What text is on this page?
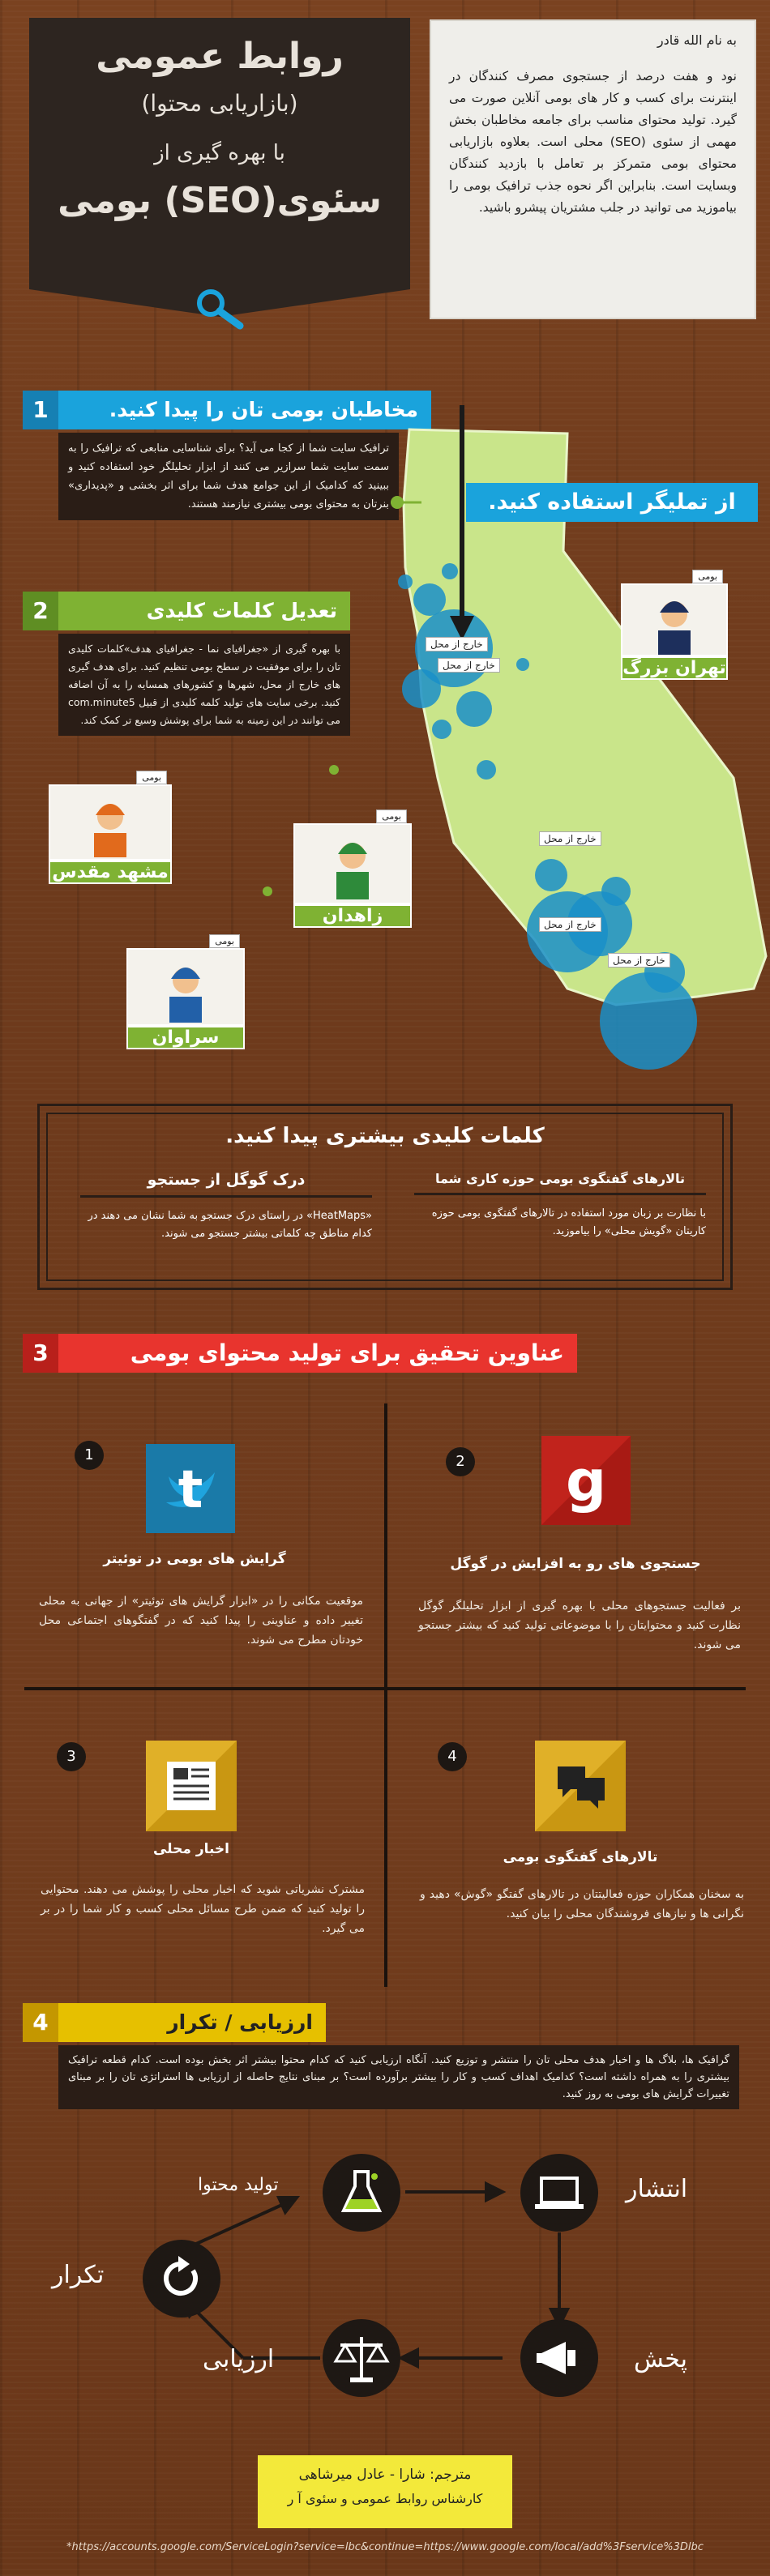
روابط عمومی
(بازاریابی محتوا)
با بهره گیری از
سئوی(SEO) بومی
به نام الله قادر

نود و هفت درصد از جستجوی مصرف کنندگان در اینترنت برای کسب و کار های بومی آنلاین صورت می گیرد. تولید محتوای مناسب برای جامعه مخاطبان بخش مهمی از سئوی (SEO) محلی است. بعلاوه بازاریابی محتوای بومی متمرکز بر تعامل با بازدید کنندگان وبسایت است. بنابراین اگر نحوه جذب ترافیک بومی را بیاموزید می توانید در جلب مشتریان پیشرو باشید.

1	مخاطبان بومی تان را پیدا کنید.
ترافیک سایت شما از کجا می آید؟ برای شناسایی منابعی که ترافیک را به سمت سایت شما سرازیر می کنند از ابزار تحلیلگر خود استفاده کنید و ببینید که کدامیک از این جوامع هدف شما برای اثر بخشی و «پدیداری» بنرتان به محتوای بومی بیشتری نیازمند هستند.	از تملیگر استفاده کنید.
2	تعدیل کلمات کلیدی
با بهره گیری از «جغرافیای نما - جغرافیای هدف»کلمات کلیدی تان را برای موفقیت در سطح بومی تنظیم کنید. برای هدف گیری های خارج از محل، شهرها و کشورهای همسایه را به آن اضافه کنید. برخی سایت های تولید کلمه کلیدی از قبیل com.minute5 می توانند در این زمینه به شما برای پوشش وسیع تر کمک کند.
خارج از محل
خارج از محل
خارج از محل
خارج از محل
خارج از محل
بومی
تهران بزرگ
بومی
مشهد مقدس
بومی
زاهدان
بومی
سراوان
کلمات کلیدی بیشتری پیدا کنید.
تالارهای گفتگوی بومی حوزه کاری شما
با نظارت بر زبان مورد استفاده در تالارهای گفتگوی بومی حوزه کاریتان «گویش محلی» را بیاموزید.
درک گوگل از جستجو
«HeatMaps» در راستای درک جستجو به شما نشان می دهند در کدام مناطق چه کلماتی بیشتر جستجو می شوند.
3	عناوین تحقیق برای تولید محتوای بومی
1
t
گرایش های بومی در توئیتر
موقعیت مکانی را در «ابزار گرایش های توئیتر» از جهانی به محلی تغییر داده و عناوینی را پیدا کنید که در گفتگوهای اجتماعی محل خودتان مطرح می شوند.
2 g
جستجوی های رو به افزایش در گوگل
بر فعالیت جستجوهای محلی با بهره گیری از ابزار تحلیلگر گوگل نظارت کنید و محتوایتان را با موضوعاتی تولید کنید که بیشتر جستجو می شوند.
3
اخبار محلی
مشترک نشریاتی شوید که اخبار محلی را پوشش می دهند. محتوایی را تولید کنید که ضمن طرح مسائل محلی کسب و کار شما را در بر می گیرد.
4
تالارهای گفتگوی بومی
به سخنان همکاران حوزه فعالیتتان در تالارهای گفتگو «گوش» دهید و نگرانی ها و نیازهای فروشندگان محلی را بیان کنید.
4	ارزیابی / تکرار
گرافیک ها، بلاگ ها و اخبار هدف محلی تان را منتشر و توزیع کنید. آنگاه ارزیابی کنید که کدام محتوا بیشتر اثر بخش بوده است. کدام قطعه ترافیک بیشتری را به همراه داشته است؟ کدامیک اهداف کسب و کار را بیشتر برآورده است؟ بر مبنای نتایج حاصله از ارزیابی ها استراتژی تان را بر مبنای تغییرات گرایش های بومی به روز کنید.
تولید محتوا	انتشار
تکرار
ارزیابی	پخش
مترجم: شارا - عادل میرشاهی
کارشناس روابط عمومی و سئوی آ ر
*https://accounts.google.com/ServiceLogin?service=lbc&continue=https://www.google.com/local/add%3Fservice%3Dlbc
